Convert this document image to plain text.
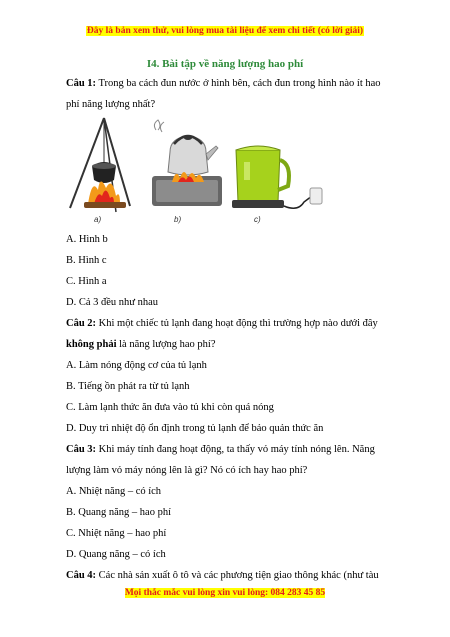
Đây là bản xem thử, vui lòng mua tài liệu để xem chi tiết (có lời giải)
I4. Bài tập về năng lượng hao phí
Câu 1: Trong ba cách đun nước ở hình bên, cách đun trong hình nào ít hao phí năng lượng nhất?
a)	b)	c)
A. Hình b
B. Hình c
C. Hình a
D. Cả 3 đều như nhau
Câu 2: Khi một chiếc tủ lạnh đang hoạt động thì trường hợp nào dưới đây không phải là năng lượng hao phí?
A. Làm nóng động cơ của tủ lạnh
B. Tiếng ồn phát ra từ tủ lạnh
C. Làm lạnh thức ăn đưa vào tủ khi còn quá nóng
D. Duy trì nhiệt độ ổn định trong tủ lạnh để bảo quản thức ăn
Câu 3: Khi máy tính đang hoạt động, ta thấy vỏ máy tính nóng lên. Năng lượng làm vỏ máy nóng lên là gì? Nó có ích hay hao phí?
A. Nhiệt năng – có ích
B. Quang năng – hao phí
C. Nhiệt năng – hao phí
D. Quang năng – có ích
Câu 4: Các nhà sản xuất ô tô và các phương tiện giao thông khác (như tàu
Mọi thắc mắc vui lòng xin vui lòng: 084 283 45 85
